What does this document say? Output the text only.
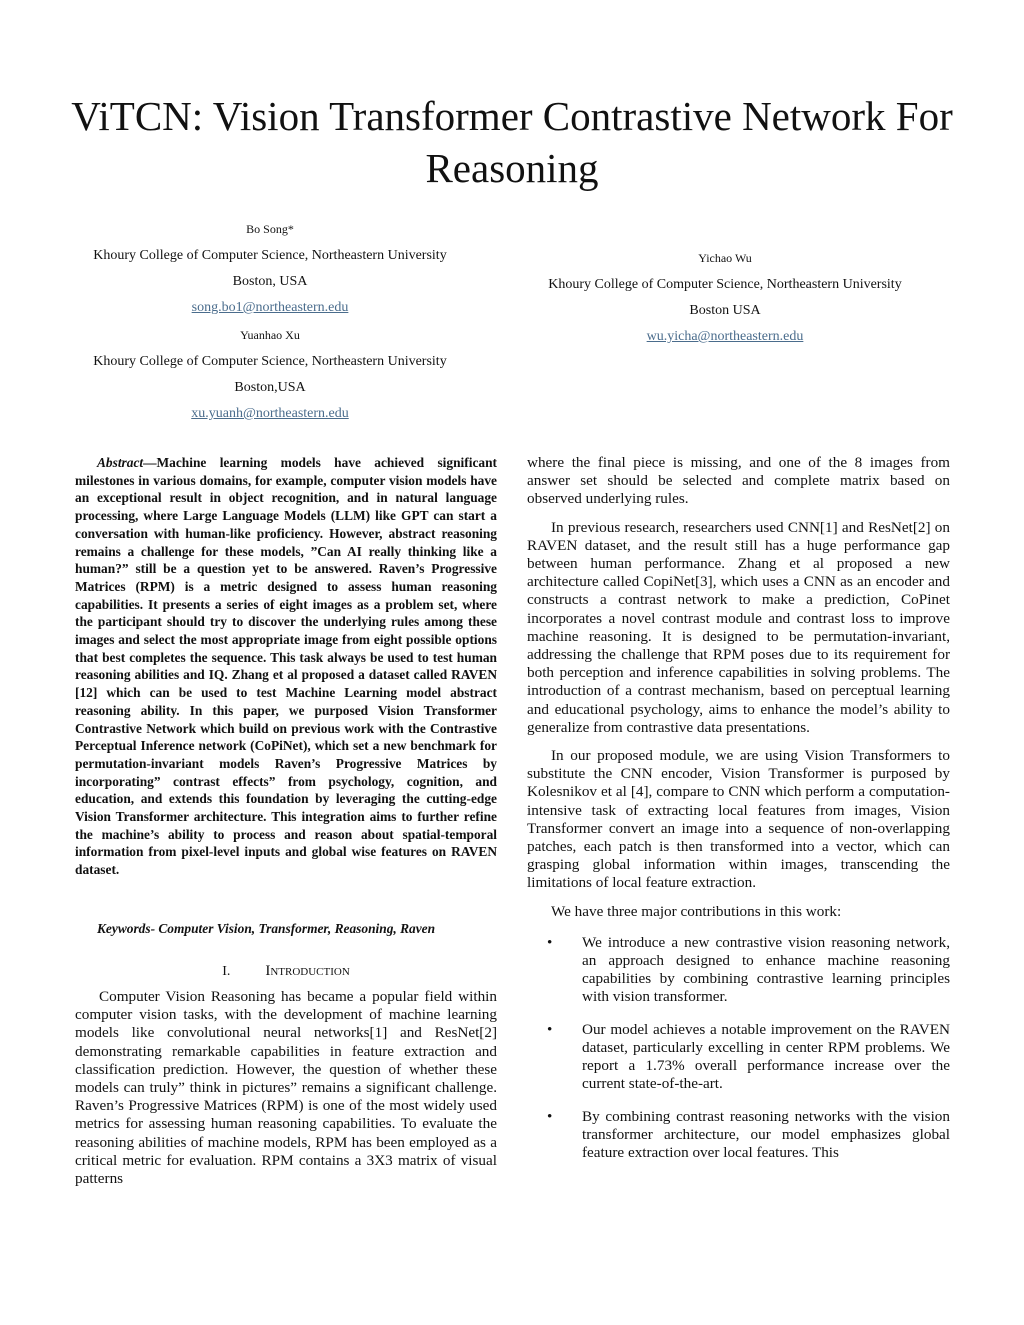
ViTCN: Vision Transformer Contrastive Network For Reasoning
Bo Song*
Khoury College of Computer Science, Northeastern University
Boston, USA
song.bo1@northeastern.edu
Yuanhao Xu
Khoury College of Computer Science, Northeastern University
Boston,USA
xu.yuanh@northeastern.edu
Yichao Wu
Khoury College of Computer Science, Northeastern University
Boston USA
wu.yicha@northeastern.edu
Abstract—Machine learning models have achieved significant milestones in various domains, for example, computer vision models have an exceptional result in object recognition, and in natural language processing, where Large Language Models (LLM) like GPT can start a conversation with human-like proficiency. However, abstract reasoning remains a challenge for these models, ”Can AI really thinking like a human?” still be a question yet to be answered. Raven’s Progressive Matrices (RPM) is a metric designed to assess human reasoning capabilities. It presents a series of eight images as a problem set, where the participant should try to discover the underlying rules among these images and select the most appropriate image from eight possible options that best completes the sequence. This task always be used to test human reasoning abilities and IQ. Zhang et al proposed a dataset called RAVEN [12] which can be used to test Machine Learning model abstract reasoning ability. In this paper, we purposed Vision Transformer Contrastive Network which build on previous work with the Contrastive Perceptual Inference network (CoPiNet), which set a new benchmark for permutation-invariant models Raven’s Progressive Matrices by incorporating” contrast effects” from psychology, cognition, and education, and extends this foundation by leveraging the cutting-edge Vision Transformer architecture. This integration aims to further refine the machine’s ability to process and reason about spatial-temporal information from pixel-level inputs and global wise features on RAVEN dataset.
Keywords- Computer Vision, Transformer, Reasoning, Raven
I. Introduction

Computer Vision Reasoning has became a popular field within computer vision tasks, with the development of machine learning models like convolutional neural networks[1] and ResNet[2] demonstrating remarkable capabilities in feature extraction and classification prediction. However, the question of whether these models can truly” think in pictures” remains a significant challenge. Raven’s Progressive Matrices (RPM) is one of the most widely used metrics for assessing human reasoning capabilities. To evaluate the reasoning abilities of machine models, RPM has been employed as a critical metric for evaluation. RPM contains a 3X3 matrix of visual patterns

where the final piece is missing, and one of the 8 images from answer set should be selected and complete matrix based on observed underlying rules.

In previous research, researchers used CNN[1] and ResNet[2] on RAVEN dataset, and the result still has a huge performance gap between human performance. Zhang et al proposed a new architecture called CopiNet[3], which uses a CNN as an encoder and constructs a contrast network to make a prediction, CoPinet incorporates a novel contrast module and contrast loss to improve machine reasoning. It is designed to be permutation-invariant, addressing the challenge that RPM poses due to its requirement for both perception and inference capabilities in solving problems. The introduction of a contrast mechanism, based on perceptual learning and educational psychology, aims to enhance the model’s ability to generalize from contrastive data presentations.

In our proposed module, we are using Vision Transformers to substitute the CNN encoder, Vision Transformer is purposed by Kolesnikov et al [4], compare to CNN which perform a computation-intensive task of extracting local features from images, Vision Transformer convert an image into a sequence of non-overlapping patches, each patch is then transformed into a vector, which can grasping global information within images, transcending the limitations of local feature extraction.

We have three major contributions in this work:

• We introduce a new contrastive vision reasoning network, an approach designed to enhance machine reasoning capabilities by combining contrastive learning principles with vision transformer.
• Our model achieves a notable improvement on the RAVEN dataset, particularly excelling in center RPM problems. We report a 1.73% overall performance increase over the current state-of-the-art.
• By combining contrast reasoning networks with the vision transformer architecture, our model emphasizes global feature extraction over local features. This
